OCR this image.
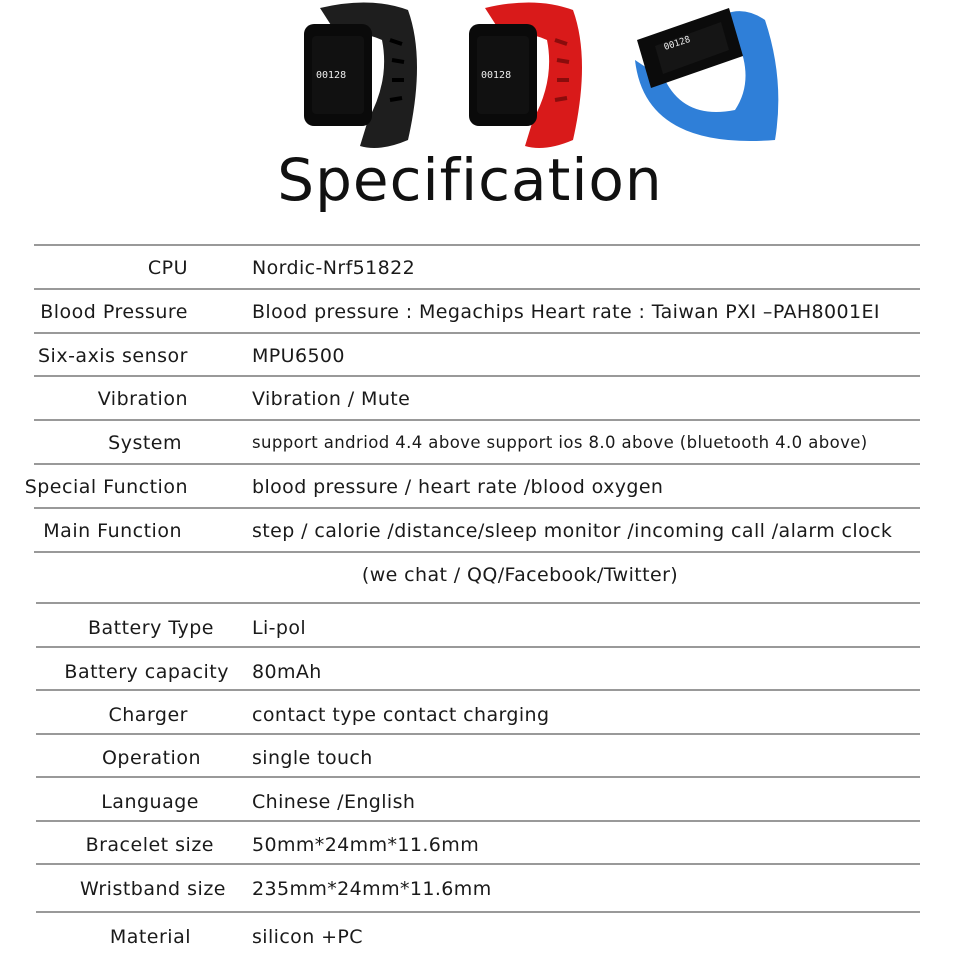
00128	00128
00128
Specification
CPU	Nordic-Nrf51822
Blood Pressure	Blood pressure : Megachips Heart rate : Taiwan PXI –PAH8001EI
Six-axis sensor	MPU6500
Vibration	Vibration / Mute
System	support andriod 4.4 above support ios 8.0 above (bluetooth 4.0 above)
Special Function	blood pressure / heart rate /blood oxygen
Main Function	step / calorie /distance/sleep monitor /incoming call /alarm clock
(we chat / QQ/Facebook/Twitter)
Battery Type Li-pol
Battery capacity 80mAh
Charger	contact type contact charging
Operation	single touch
Language	Chinese /English
Bracelet size 50mm*24mm*11.6mm
Wristband size 235mm*24mm*11.6mm
Material	silicon +PC
